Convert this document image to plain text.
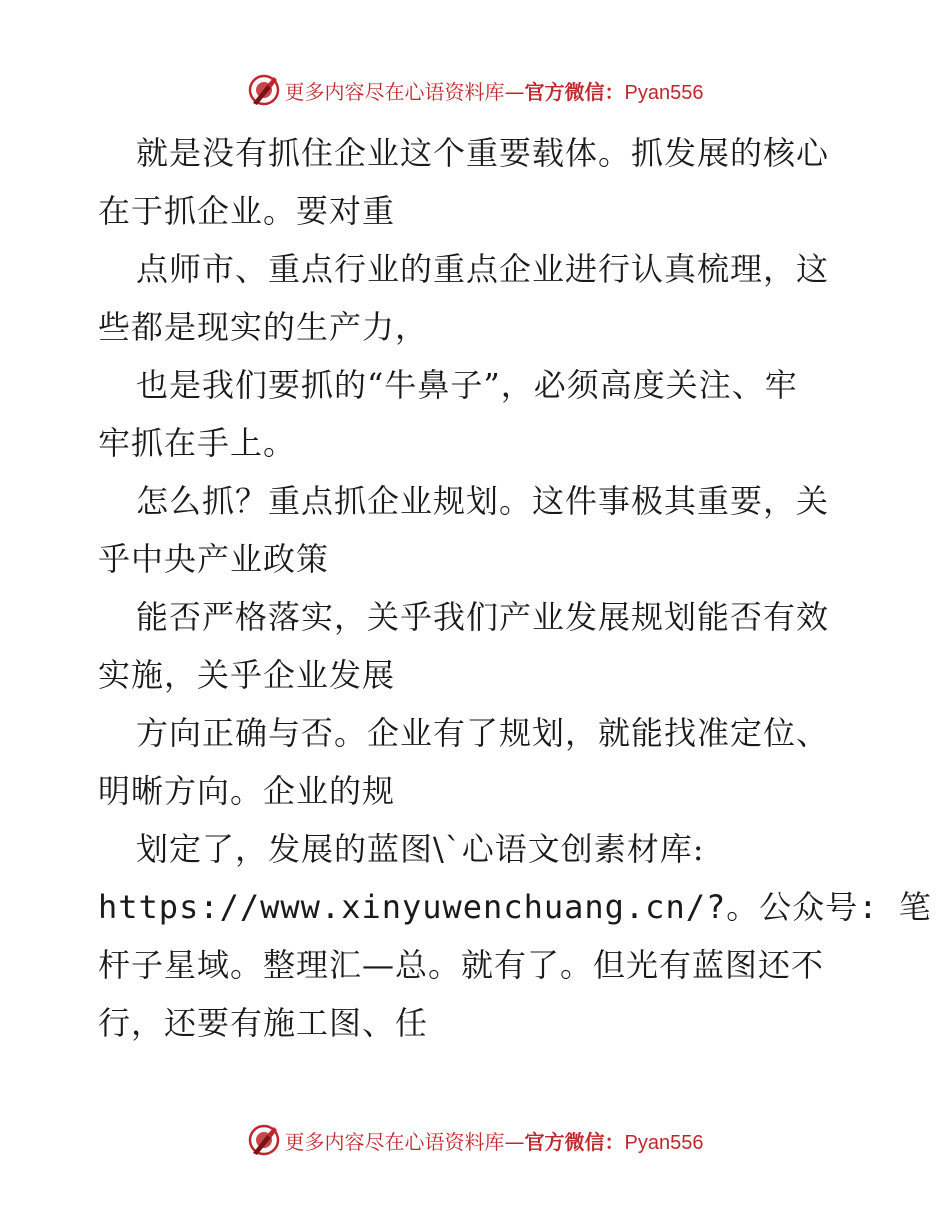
更多内容尽在心语资料库—官方微信：Pyan556
就是没有抓住企业这个重要载体。抓发展的核心
在于抓企业。要对重
点师市、重点行业的重点企业进行认真梳理，这
些都是现实的生产力，
也是我们要抓的“牛鼻子”，必须高度关注、牢
牢抓在手上。
怎么抓？重点抓企业规划。这件事极其重要，关
乎中央产业政策
能否严格落实，关乎我们产业发展规划能否有效
实施，关乎企业发展
方向正确与否。企业有了规划，就能找准定位、
明晰方向。企业的规
划定了，发展的蓝图\`心语文创素材库:
https://www.xinyuwenchuang.cn/?。公众号: 笔
杆子星域。整理汇—总。就有了。但光有蓝图还不
行，还要有施工图、任
更多内容尽在心语资料库—官方微信：Pyan556
